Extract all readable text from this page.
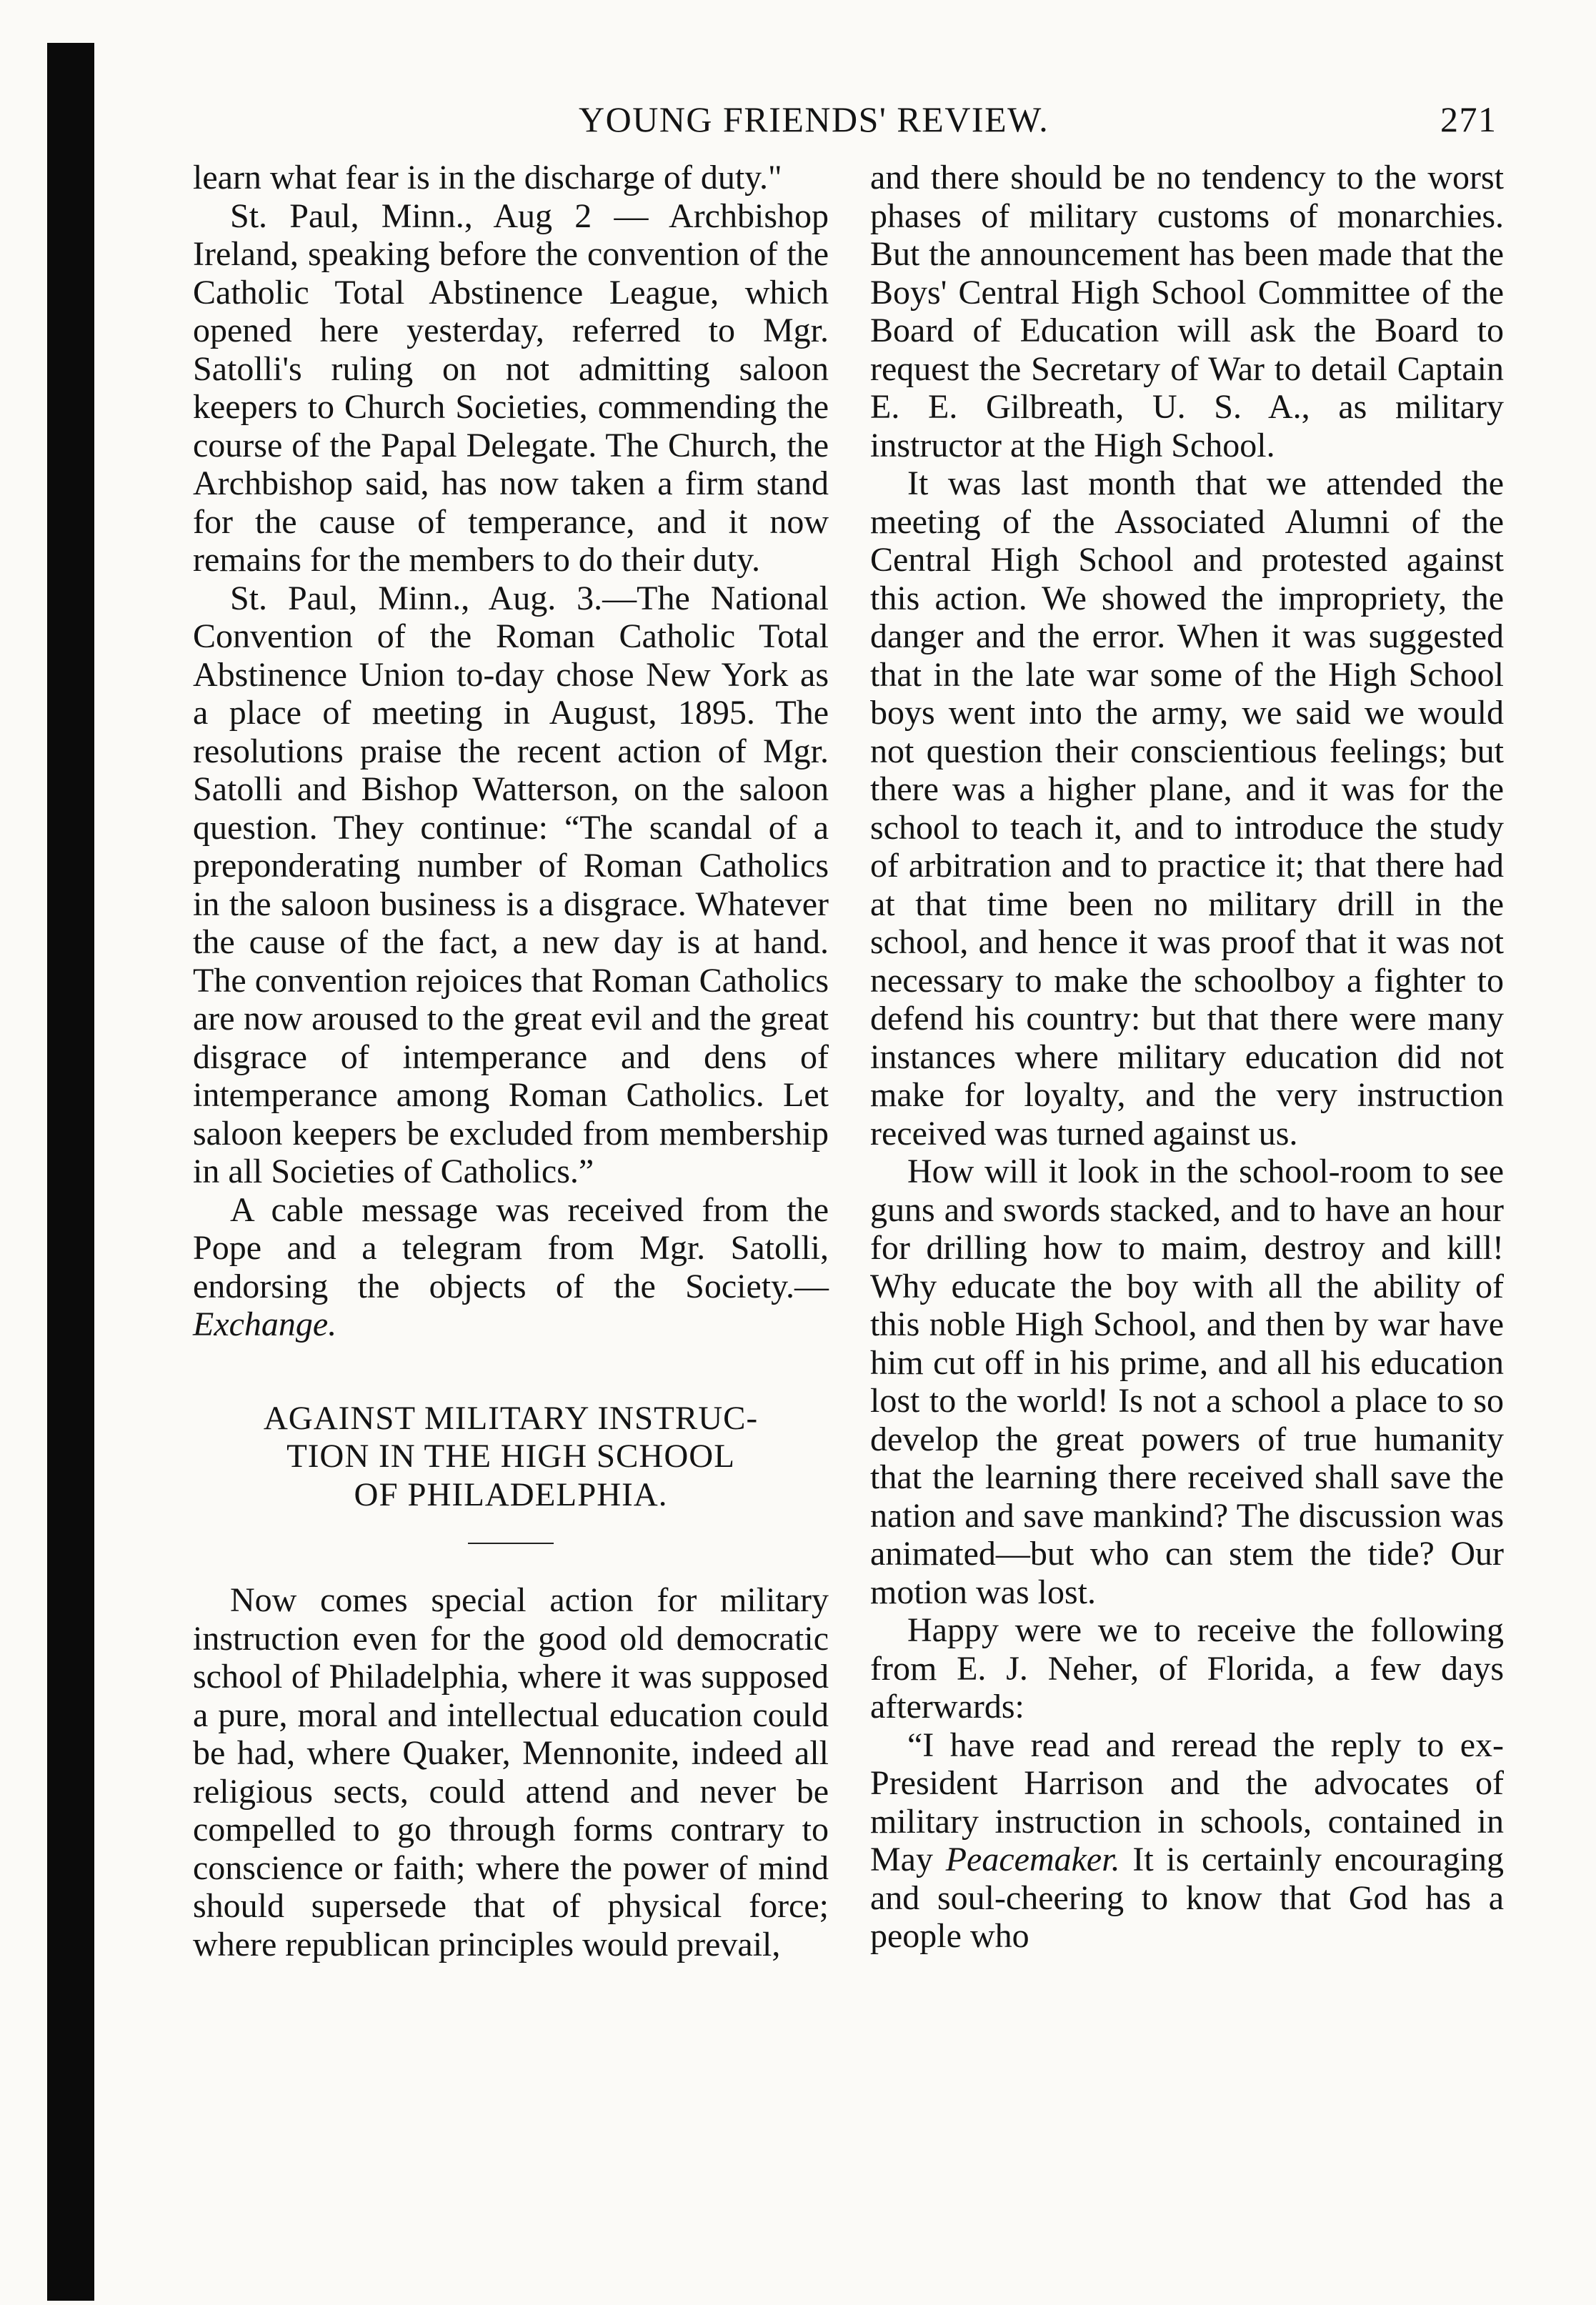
YOUNG FRIENDS' REVIEW.	271

learn what fear is in the discharge of duty."

St. Paul, Minn., Aug 2 — Archbishop Ireland, speaking before the convention of the Catholic Total Abstinence League, which opened here yesterday, referred to Mgr. Satolli's ruling on not admitting saloon keepers to Church Societies, commending the course of the Papal Delegate. The Church, the Archbishop said, has now taken a firm stand for the cause of temperance, and it now remains for the members to do their duty.

St. Paul, Minn., Aug. 3.—The National Convention of the Roman Catholic Total Abstinence Union to-day chose New York as a place of meeting in August, 1895. The resolutions praise the recent action of Mgr. Satolli and Bishop Watterson, on the saloon question. They continue: “The scandal of a preponderating number of Roman Catholics in the saloon business is a disgrace. Whatever the cause of the fact, a new day is at hand. The convention rejoices that Roman Catholics are now aroused to the great evil and the great disgrace of intemperance and dens of intemperance among Roman Catholics. Let saloon keepers be excluded from membership in all Societies of Catholics.”

A cable message was received from the Pope and a telegram from Mgr. Satolli, endorsing the objects of the Society.—Exchange.

AGAINST MILITARY INSTRUC-
TION IN THE HIGH SCHOOL
OF PHILADELPHIA.

Now comes special action for military instruction even for the good old democratic school of Philadelphia, where it was supposed a pure, moral and intellectual education could be had, where Quaker, Mennonite, indeed all religious sects, could attend and never be compelled to go through forms contrary to conscience or faith; where the power of mind should supersede that of physical force; where republican principles would prevail,

and there should be no tendency to the worst phases of military customs of monarchies. But the announcement has been made that the Boys' Central High School Committee of the Board of Education will ask the Board to request the Secretary of War to detail Captain E. E. Gilbreath, U. S. A., as military instructor at the High School.

It was last month that we attended the meeting of the Associated Alumni of the Central High School and protested against this action. We showed the impropriety, the danger and the error. When it was suggested that in the late war some of the High School boys went into the army, we said we would not question their conscientious feelings; but there was a higher plane, and it was for the school to teach it, and to introduce the study of arbitration and to practice it; that there had at that time been no military drill in the school, and hence it was proof that it was not necessary to make the schoolboy a fighter to defend his country: but that there were many instances where military education did not make for loyalty, and the very instruction received was turned against us.

How will it look in the school-room to see guns and swords stacked, and to have an hour for drilling how to maim, destroy and kill! Why educate the boy with all the ability of this noble High School, and then by war have him cut off in his prime, and all his education lost to the world! Is not a school a place to so develop the great powers of true humanity that the learning there received shall save the nation and save mankind? The discussion was animated—but who can stem the tide? Our motion was lost.

Happy were we to receive the following from E. J. Neher, of Florida, a few days afterwards:

“I have read and reread the reply to ex-President Harrison and the advocates of military instruction in schools, contained in May Peacemaker. It is certainly encouraging and soul-cheering to know that God has a people who
